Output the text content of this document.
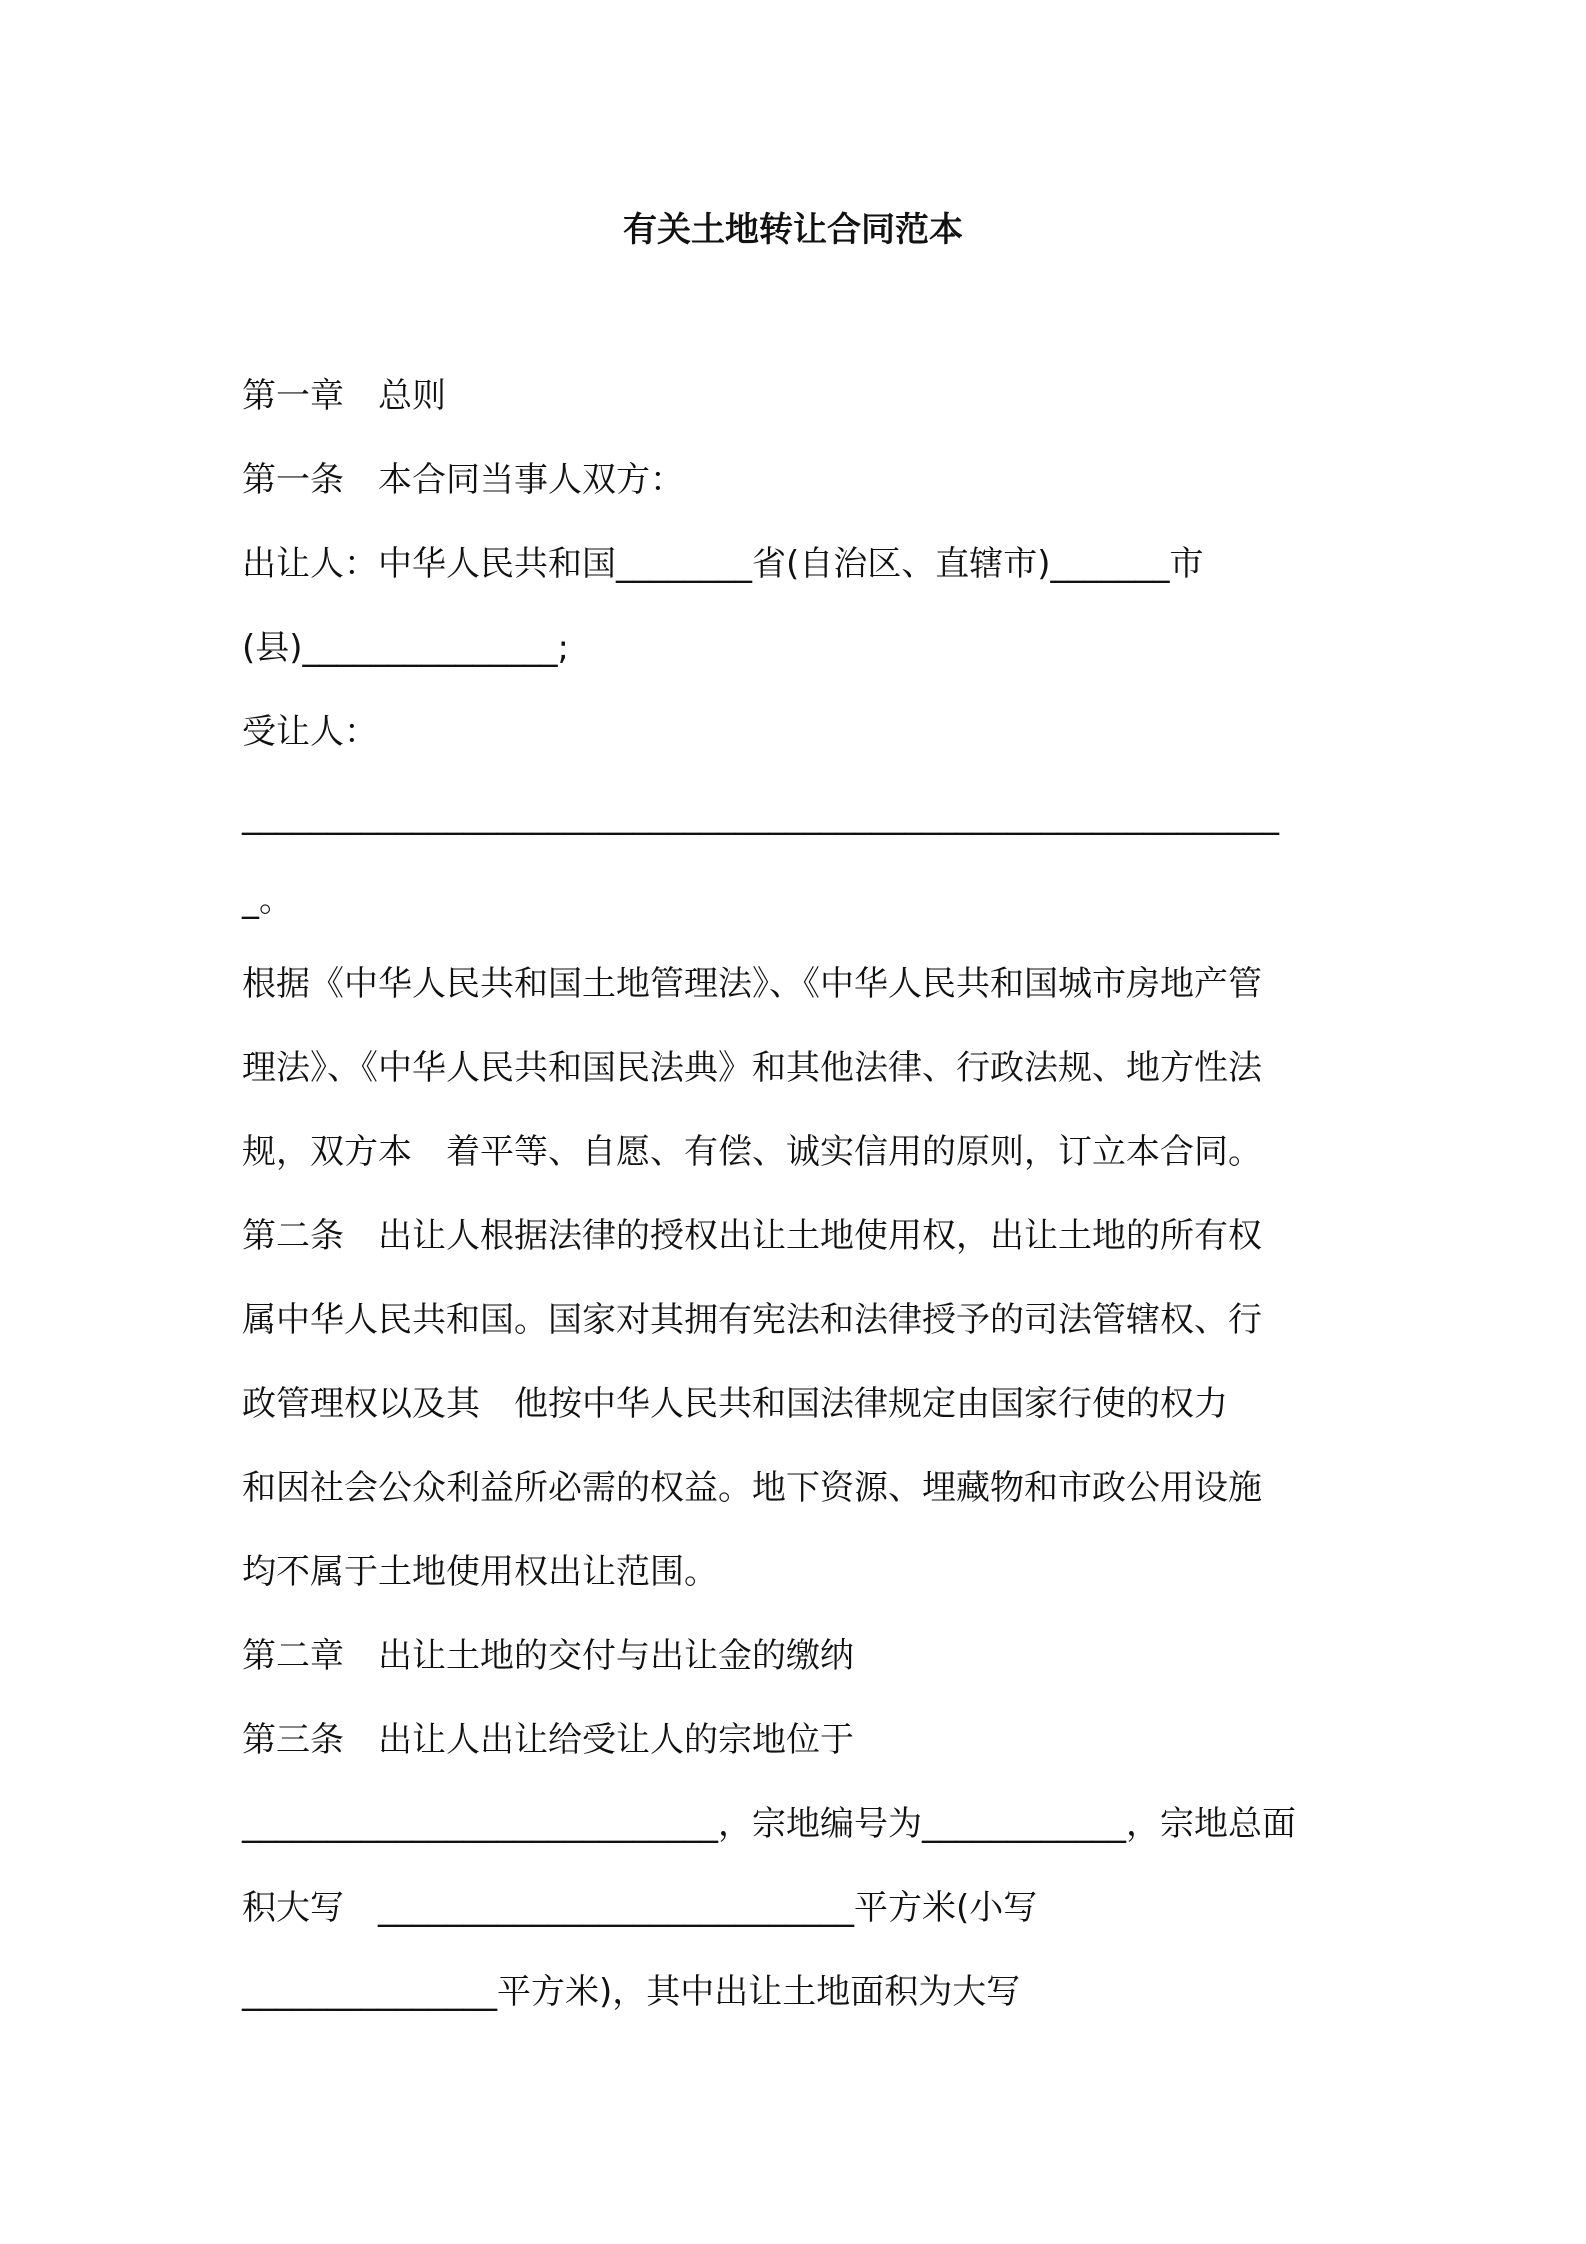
有关土地转让合同范本
第一章　总则
第一条　本合同当事人双方：
出让人：中华人民共和国________省(自治区、直辖市)_______市
(县)_______________;
受让人：
_____________________________________________________________
_。
根据《中华人民共和国土地管理法》、《中华人民共和国城市房地产管
理法》、《中华人民共和国民法典》和其他法律、行政法规、地方性法
规，双方本　着平等、自愿、有偿、诚实信用的原则，订立本合同。
第二条　出让人根据法律的授权出让土地使用权，出让土地的所有权
属中华人民共和国。国家对其拥有宪法和法律授予的司法管辖权、行
政管理权以及其　他按中华人民共和国法律规定由国家行使的权力
和因社会公众利益所必需的权益。地下资源、埋藏物和市政公用设施
均不属于土地使用权出让范围。
第二章　出让土地的交付与出让金的缴纳
第三条　出让人出让给受让人的宗地位于
____________________________，宗地编号为____________，宗地总面
积大写　____________________________平方米(小写
_______________平方米)，其中出让土地面积为大写
